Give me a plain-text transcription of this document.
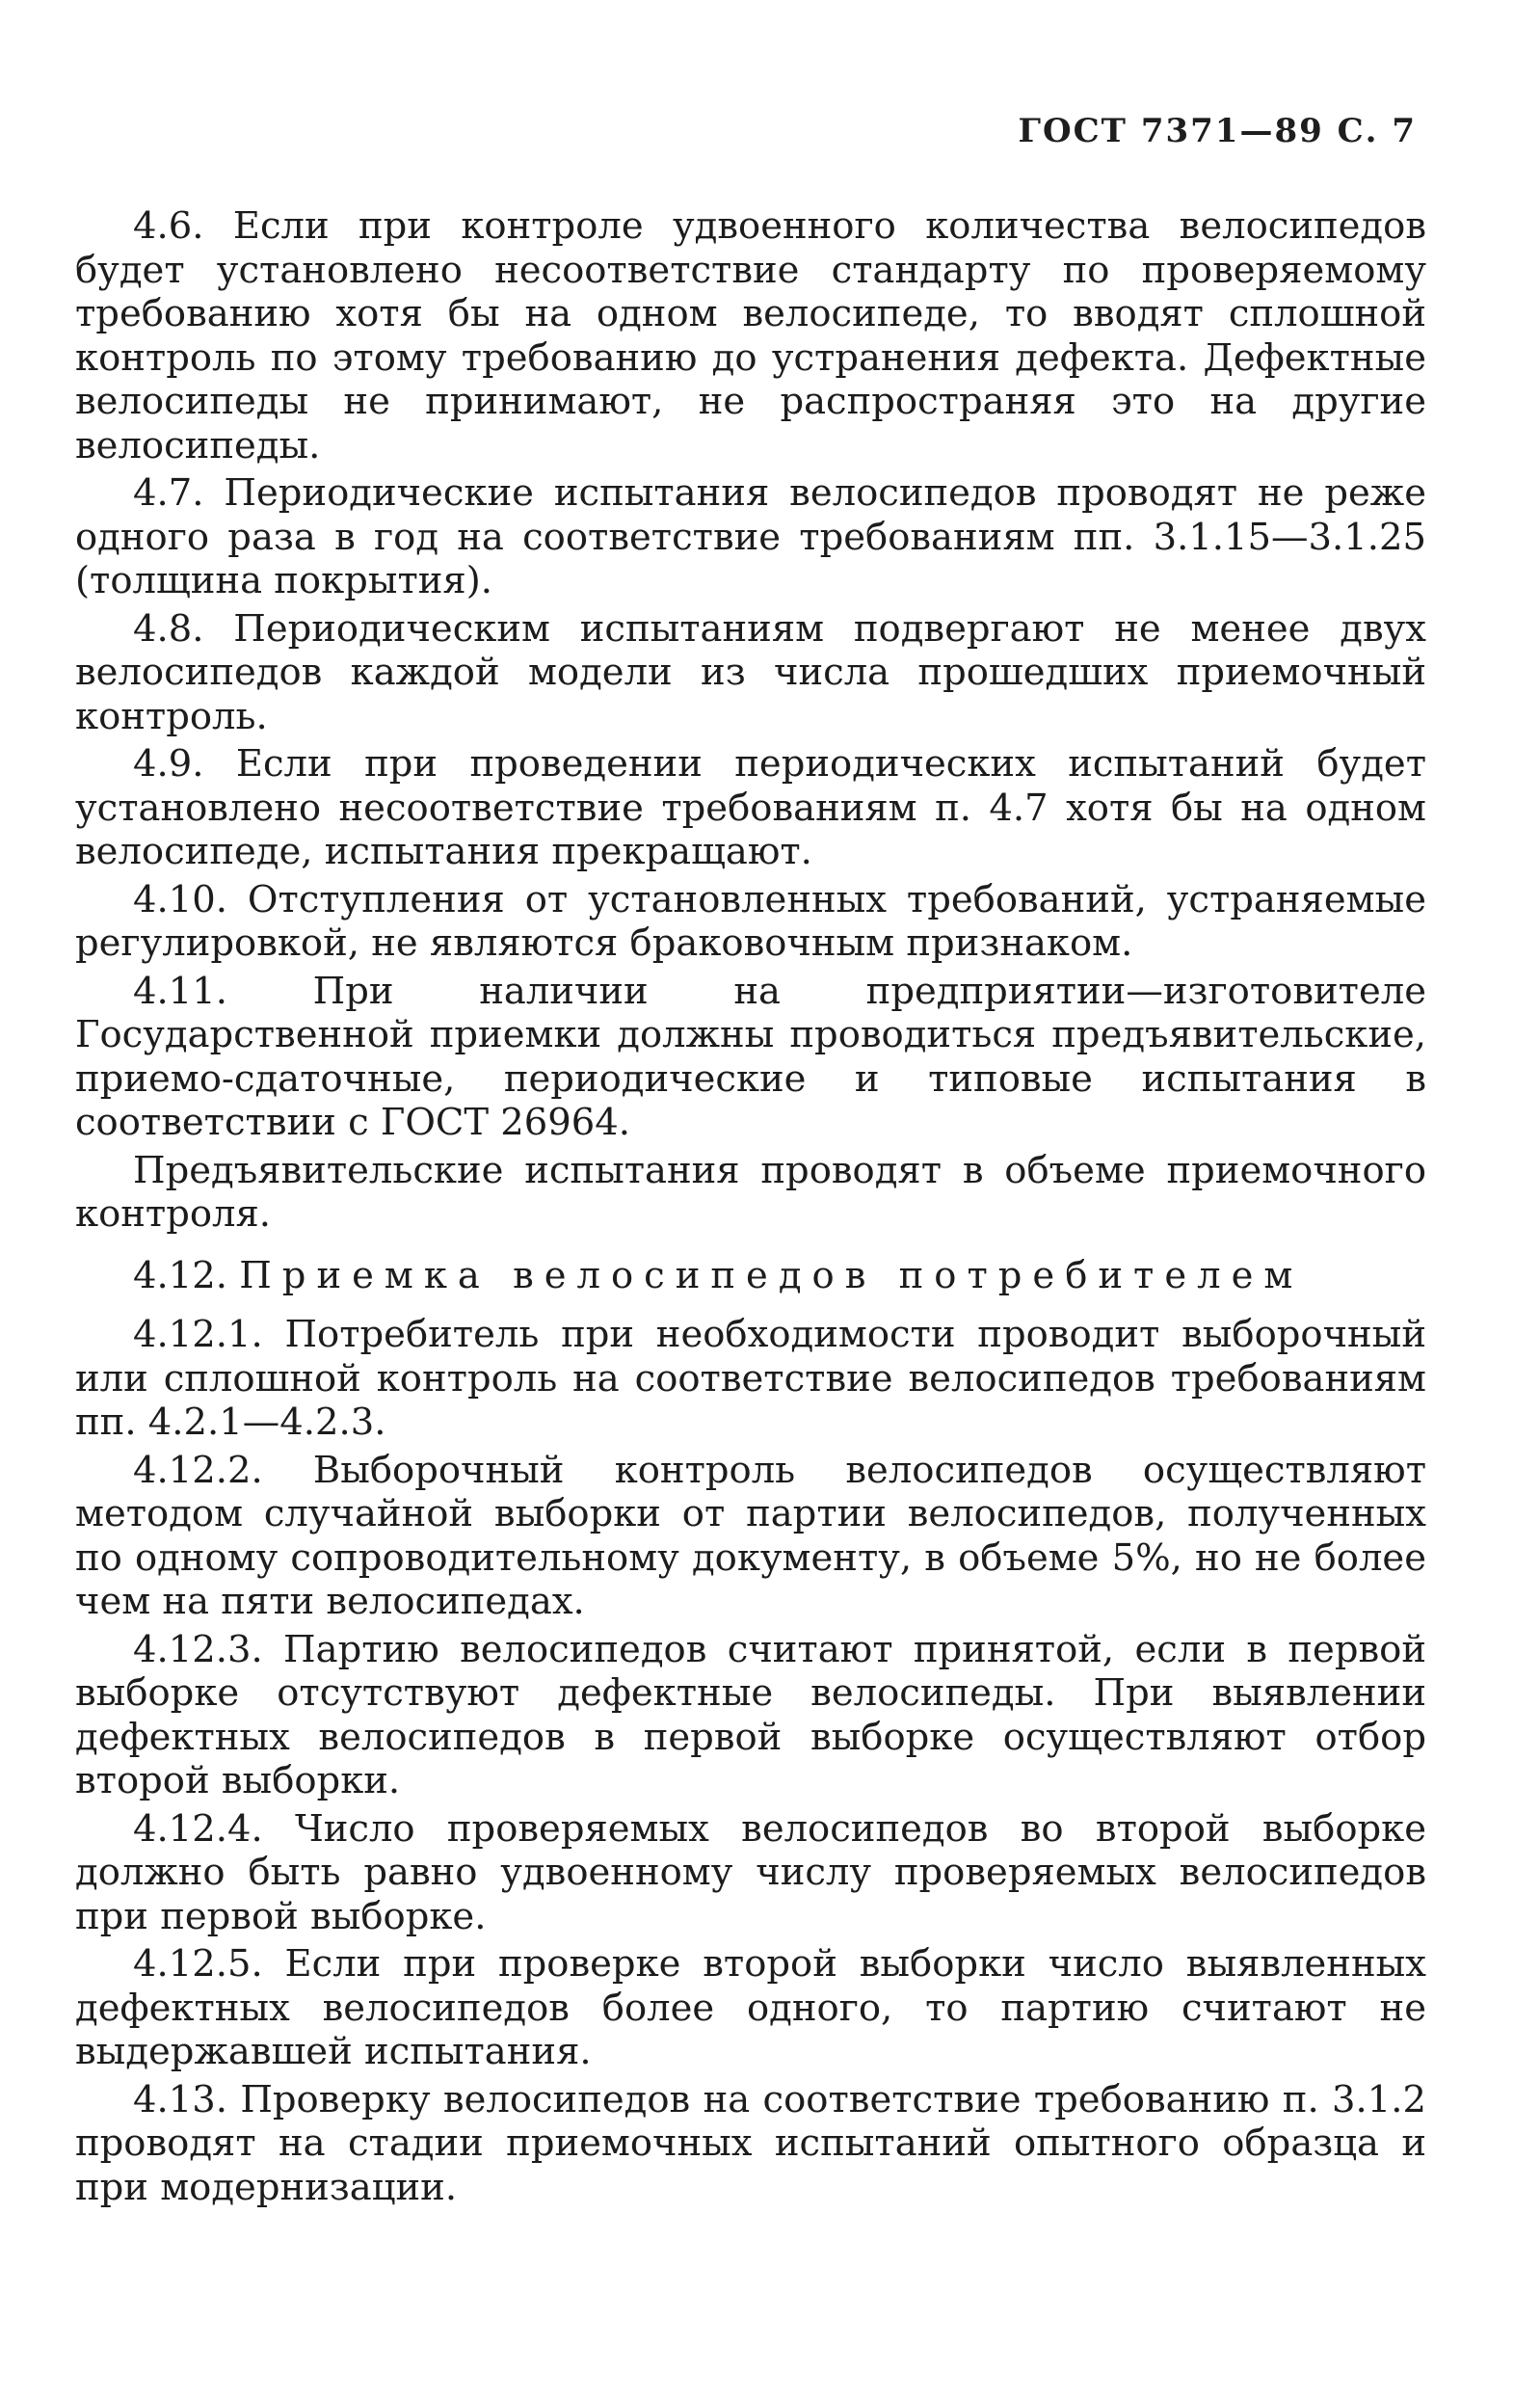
ГОСТ 7371—89 С. 7

4.6. Если при контроле удвоенного количества велосипедов будет установлено несоответствие стандарту по проверяемому требованию хотя бы на одном велосипеде, то вводят сплошной контроль по этому требованию до устранения дефекта. Дефектные велосипеды не принимают, не распространяя это на другие велосипеды.

4.7. Периодические испытания велосипедов проводят не реже одного раза в год на соответствие требованиям пп. 3.1.15—3.1.25 (толщина покрытия).

4.8. Периодическим испытаниям подвергают не менее двух велосипедов каждой модели из числа прошедших приемочный контроль.

4.9. Если при проведении периодических испытаний будет установлено несоответствие требованиям п. 4.7 хотя бы на одном велосипеде, испытания прекращают.

4.10. Отступления от установленных требований, устраняемые регулировкой, не являются браковочным признаком.

4.11. При наличии на предприятии—изготовителе Государственной приемки должны проводиться предъявительские, приемо-сдаточные, периодические и типовые испытания в соответствии с ГОСТ 26964.

Предъявительские испытания проводят в объеме приемочного контроля.

4.12. Приемка велосипедов потребителем

4.12.1. Потребитель при необходимости проводит выборочный или сплошной контроль на соответствие велосипедов требованиям пп. 4.2.1—4.2.3.

4.12.2. Выборочный контроль велосипедов осуществляют методом случайной выборки от партии велосипедов, полученных по одному сопроводительному документу, в объеме 5%, но не более чем на пяти велосипедах.

4.12.3. Партию велосипедов считают принятой, если в первой выборке отсутствуют дефектные велосипеды. При выявлении дефектных велосипедов в первой выборке осуществляют отбор второй выборки.

4.12.4. Число проверяемых велосипедов во второй выборке должно быть равно удвоенному числу проверяемых велосипедов при первой выборке.

4.12.5. Если при проверке второй выборки число выявленных дефектных велосипедов более одного, то партию считают не выдержавшей испытания.

4.13. Проверку велосипедов на соответствие требованию п. 3.1.2 проводят на стадии приемочных испытаний опытного образца и при модернизации.
